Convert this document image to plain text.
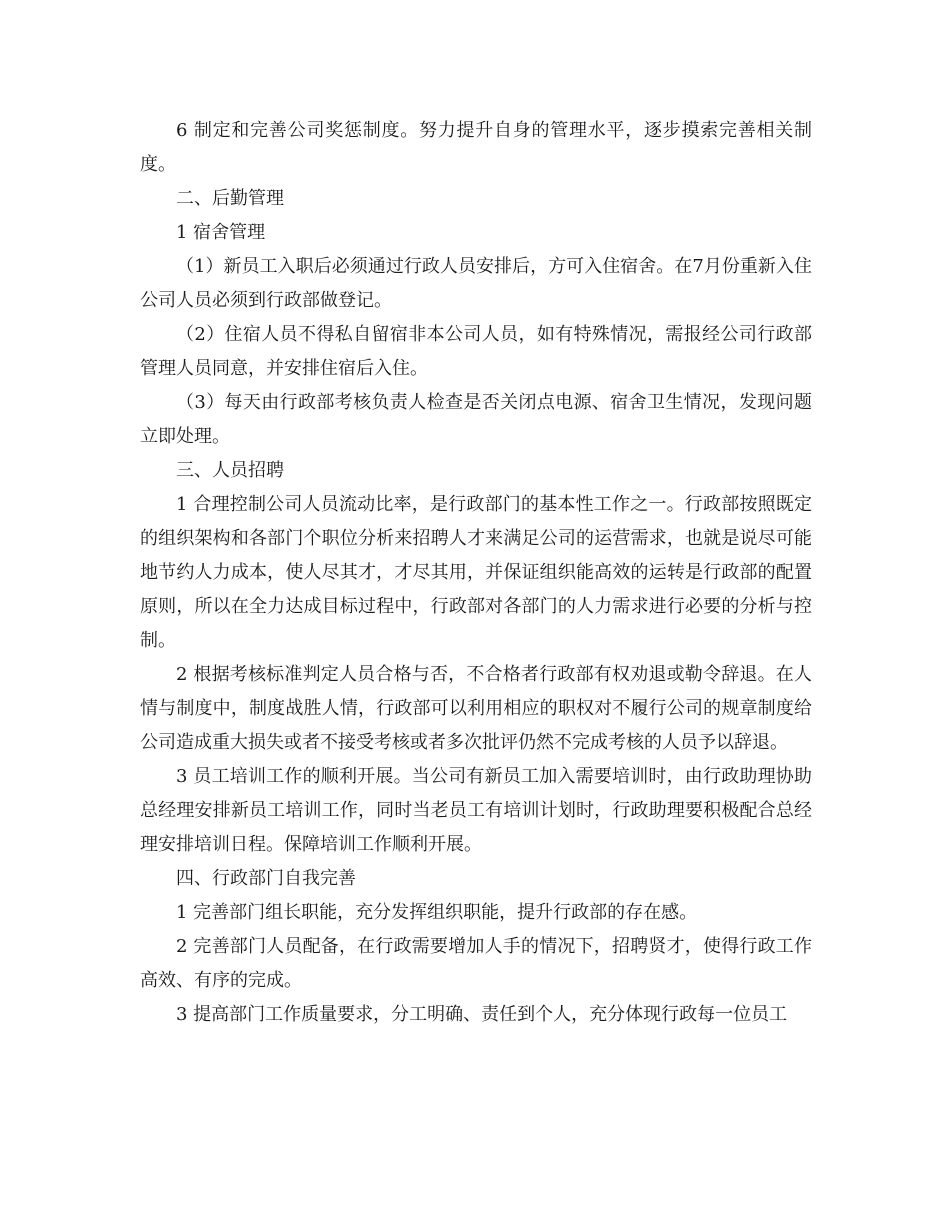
6 制定和完善公司奖惩制度。努力提升自身的管理水平，逐步摸索完善相关制度。

二、后勤管理

1 宿舍管理

（1）新员工入职后必须通过行政人员安排后，方可入住宿舍。在7月份重新入住公司人员必须到行政部做登记。

（2）住宿人员不得私自留宿非本公司人员，如有特殊情况，需报经公司行政部管理人员同意，并安排住宿后入住。

（3）每天由行政部考核负责人检查是否关闭点电源、宿舍卫生情况，发现问题立即处理。

三、人员招聘

1 合理控制公司人员流动比率，是行政部门的基本性工作之一。行政部按照既定的组织架构和各部门个职位分析来招聘人才来满足公司的运营需求，也就是说尽可能地节约人力成本，使人尽其才，才尽其用，并保证组织能高效的运转是行政部的配置原则，所以在全力达成目标过程中，行政部对各部门的人力需求进行必要的分析与控制。

2 根据考核标准判定人员合格与否，不合格者行政部有权劝退或勒令辞退。在人情与制度中，制度战胜人情，行政部可以利用相应的职权对不履行公司的规章制度给公司造成重大损失或者不接受考核或者多次批评仍然不完成考核的人员予以辞退。

3 员工培训工作的顺利开展。当公司有新员工加入需要培训时，由行政助理协助总经理安排新员工培训工作，同时当老员工有培训计划时，行政助理要积极配合总经理安排培训日程。保障培训工作顺利开展。

四、行政部门自我完善

1 完善部门组长职能，充分发挥组织职能，提升行政部的存在感。

2 完善部门人员配备，在行政需要增加人手的情况下，招聘贤才，使得行政工作高效、有序的完成。

3 提高部门工作质量要求，分工明确、责任到个人，充分体现行政每一位员工
